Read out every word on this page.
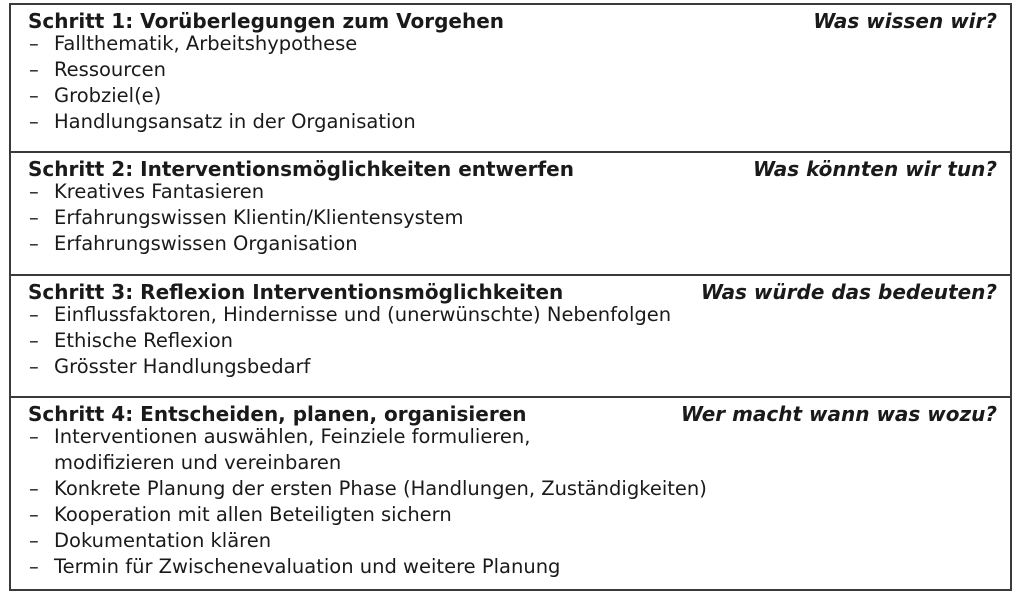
Schritt 1: Vorüberlegungen zum Vorgehen	Was wissen wir?
– Fallthematik, Arbeitshypothese
– Ressourcen
– Grobziel(e)
– Handlungsansatz in der Organisation
Schritt 2: Interventionsmöglichkeiten entwerfen	Was könnten wir tun?
– Kreatives Fantasieren
– Erfahrungswissen Klientin/Klientensystem
– Erfahrungswissen Organisation
Schritt 3: Reflexion Interventionsmöglichkeiten	Was würde das bedeuten?
– Einflussfaktoren, Hindernisse und (unerwünschte) Nebenfolgen
– Ethische Reflexion
– Grösster Handlungsbedarf
Schritt 4: Entscheiden, planen, organisieren	Wer macht wann was wozu?
– Interventionen auswählen, Feinziele formulieren,
modifizieren und vereinbaren
– Konkrete Planung der ersten Phase (Handlungen, Zuständigkeiten)
– Kooperation mit allen Beteiligten sichern
– Dokumentation klären
– Termin für Zwischenevaluation und weitere Planung
